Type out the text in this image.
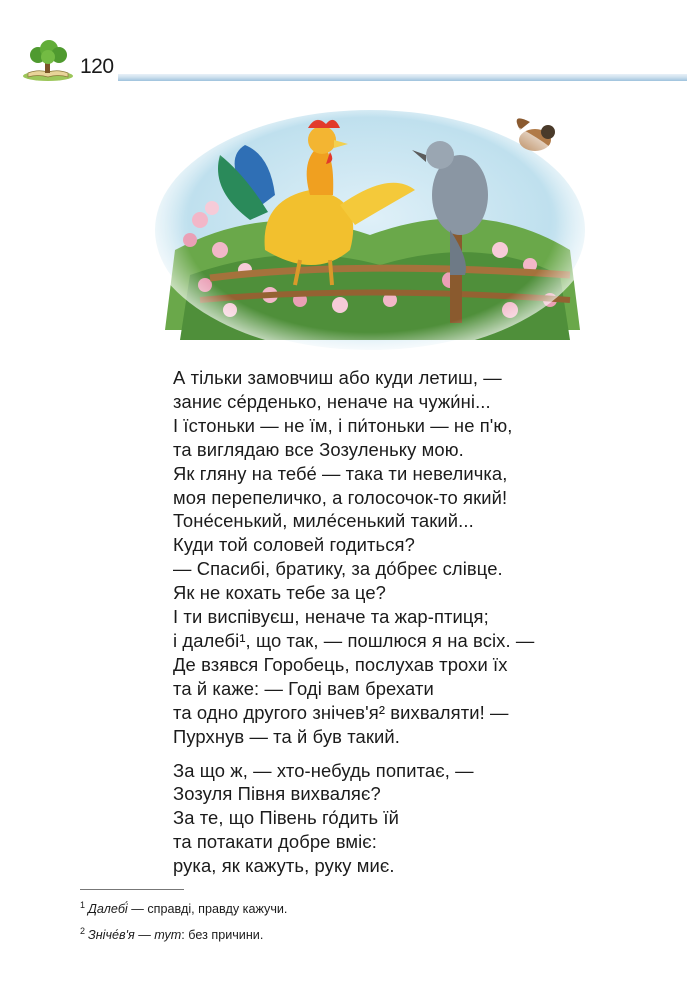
120

А тільки замовчиш або куди летиш, —
заниє се́рденько, неначе на чужи́ні...
І їстоньки — не їм, і пи́тоньки — не п'ю,
та виглядаю все Зозуленьку мою.
Як гляну на тебе́ — така ти невеличка,
моя перепеличко, а голосочок-то який!
Тоне́сенький, миле́сенький такий...
Куди той соловей годиться?
— Спасибі, братику, за до́бреє слівце.
Як не кохать тебе за це?
І ти виспівуєш, неначе та жар-птиця;
і далебі¹, що так, — пошлюся я на всіх. —
Де взявся Горобець, послухав трохи їх
та й каже: — Годі вам брехати
та одно другого знічев'я² вихваляти! —
Пурхнув — та й був такий.

За що ж, — хто-небудь попитає, —
Зозуля Півня вихваляє?
За те, що Півень го́дить їй
та потакати добре вміє:
рука, як кажуть, руку миє.

$^1$ Далебі́ — справді, правду кажучи.
$^2$ Зніче́в'я — тут: без причини.
